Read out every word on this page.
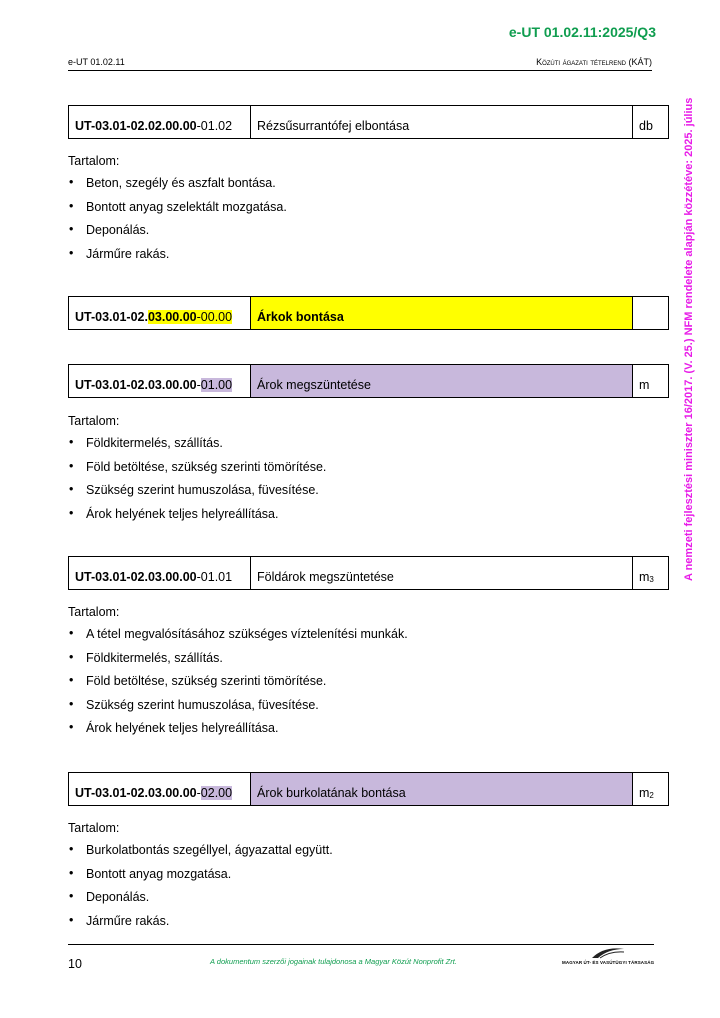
e-UT 01.02.11:2025/Q3
e-UT 01.02.11	Közúti ágazati tételrend (KÁT)
A nemzeti fejlesztési miniszter 16/2017. (V. 25.) NFM rendelete alapján közzétéve: 2025. július
UT-03.01-02.02.00.00 -01.02	Rézsűsurrantófej elbontása	db

Tartalom:

• Beton, szegély és aszfalt bontása.
• Bontott anyag szelektált mozgatása.
• Deponálás.
• Járműre rakás.
UT-03.01-02. 03.00.00 -00.00	Árkok bontása
UT-03.01-02.03.00.00 - 01.00	Árok megszüntetése	m

Tartalom:

• Földkitermelés, szállítás.
• Föld betöltése, szükség szerinti tömörítése.
• Szükség szerint humuszolása, füvesítése.
• Árok helyének teljes helyreállítása.
UT-03.01-02.03.00.00 -01.01	Földárok megszüntetése	$m_3$

Tartalom:

• A tétel megvalósításához szükséges víztelenítési munkák.
• Földkitermelés, szállítás.
• Föld betöltése, szükség szerinti tömörítése.
• Szükség szerint humuszolása, füvesítése.
• Árok helyének teljes helyreállítása.
UT-03.01-02.03.00.00 - 02.00	Árok burkolatának bontása	$m_2$

Tartalom:

• Burkolatbontás szegéllyel, ágyazattal együtt.
• Bontott anyag mozgatása.
• Deponálás.
• Járműre rakás.
10	A dokumentum szerzői jogainak tulajdonosa a Magyar Közút Nonprofit Zrt.	MAGYAR ÚT- ÉS VASÚTÜGYI TÁRSASÁG
